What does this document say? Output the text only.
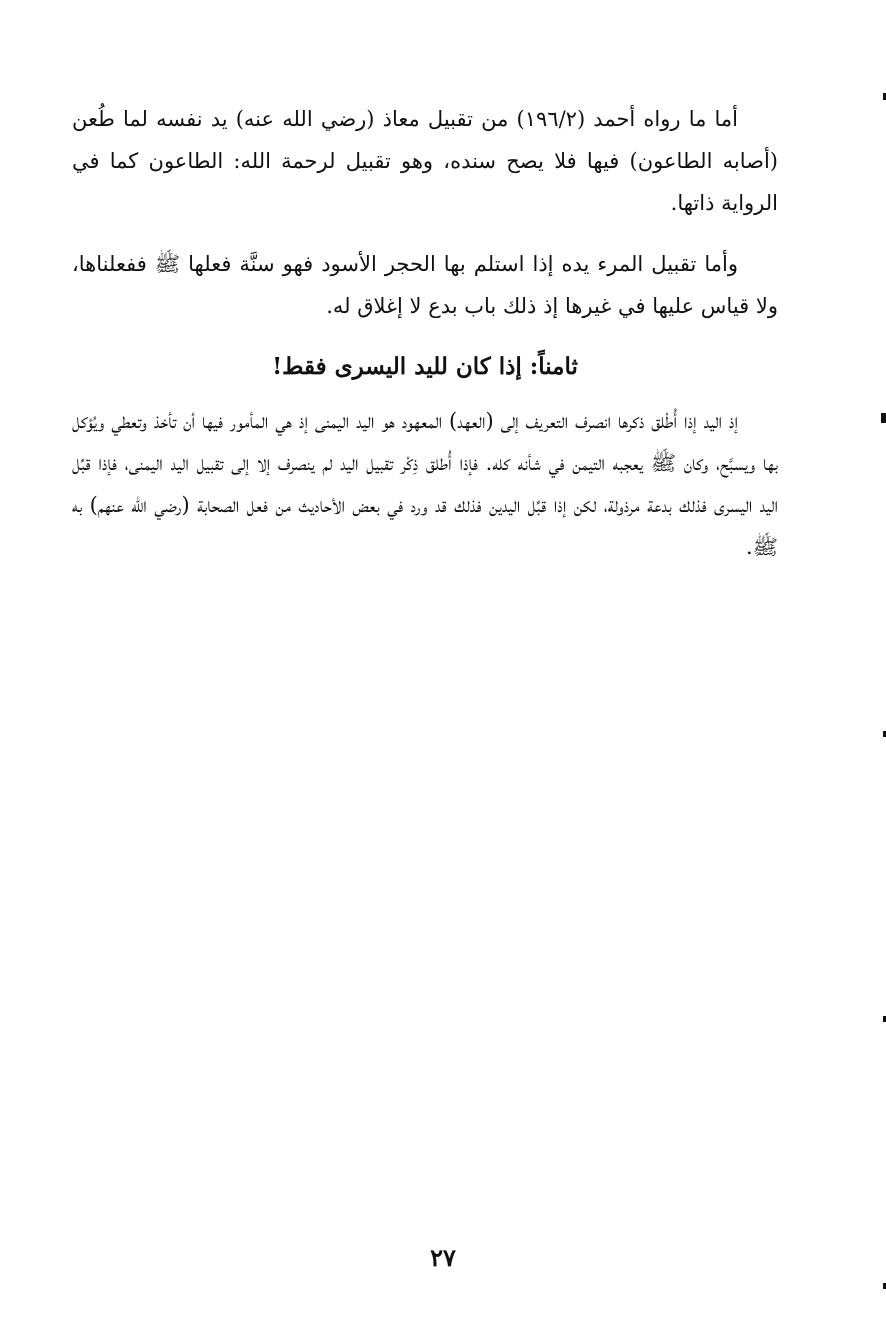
أما ما رواه أحمد (١٩٦/٢) من تقبيل معاذ (رضي الله عنه) يد نفسه لما طُعن (أصابه الطاعون) فيها فلا يصح سنده، وهو تقبيل لرحمة الله: الطاعون كما في الرواية ذاتها.

وأما تقبيل المرء يده إذا استلم بها الحجر الأسود فهو سنَّة فعلها ﷺ ففعلناها، ولا قياس عليها في غيرها إذ ذلك باب بدع لا إغلاق له.

ثامناً: إذا كان لليد اليسرى فقط!

إذ اليد إذا أُطْلق ذكرها انصرف التعريف إلى (العهد) المعهود هو اليد اليمنى إذ هي المأمور فيها أن تأخذ وتعطي ويُؤكل بها ويسبَّح، وكان ﷺ يعجبه التيمن في شأنه كله. فإذا أُطلق ذِكْر تقبيل اليد لم ينصرف إلا إلى تقبيل اليد اليمنى، فإذا قبِّل اليد اليسرى فذلك بدعة مرذولة، لكن إذا قبِّل اليدين فذلك قد ورد في بعض الأحاديث من فعل الصحابة (رضي الله عنهم) به ﷺ.

٢٧
